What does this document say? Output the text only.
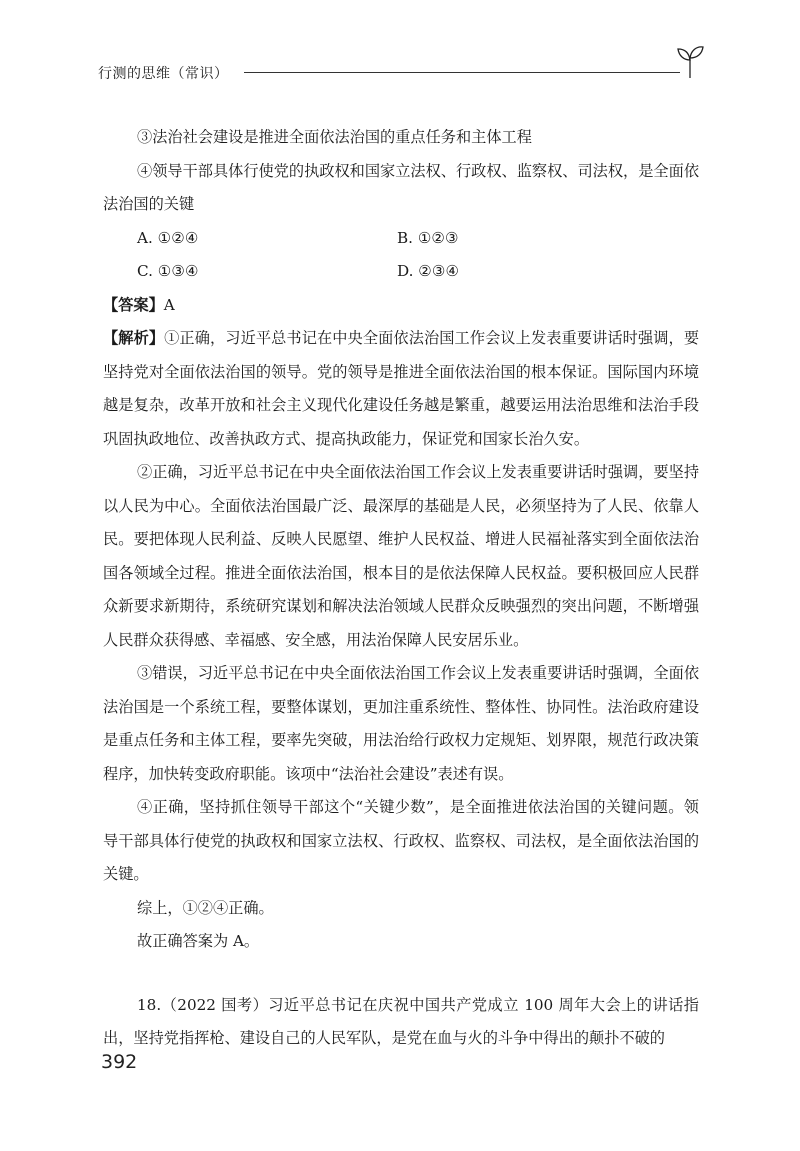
行测的思维（常识）

③法治社会建设是推进全面依法治国的重点任务和主体工程

④领导干部具体行使党的执政权和国家立法权、行政权、监察权、司法权，是全面依法治国的关键

A. ①②④	B. ①②③
C. ①③④	D. ②③④

【答案】A

【解析】①正确，习近平总书记在中央全面依法治国工作会议上发表重要讲话时强调，要坚持党对全面依法治国的领导。党的领导是推进全面依法治国的根本保证。国际国内环境越是复杂，改革开放和社会主义现代化建设任务越是繁重，越要运用法治思维和法治手段巩固执政地位、改善执政方式、提高执政能力，保证党和国家长治久安。

②正确，习近平总书记在中央全面依法治国工作会议上发表重要讲话时强调，要坚持以人民为中心。全面依法治国最广泛、最深厚的基础是人民，必须坚持为了人民、依靠人民。要把体现人民利益、反映人民愿望、维护人民权益、增进人民福祉落实到全面依法治国各领域全过程。推进全面依法治国，根本目的是依法保障人民权益。要积极回应人民群众新要求新期待，系统研究谋划和解决法治领域人民群众反映强烈的突出问题，不断增强人民群众获得感、幸福感、安全感，用法治保障人民安居乐业。

③错误，习近平总书记在中央全面依法治国工作会议上发表重要讲话时强调，全面依法治国是一个系统工程，要整体谋划，更加注重系统性、整体性、协同性。法治政府建设是重点任务和主体工程，要率先突破，用法治给行政权力定规矩、划界限，规范行政决策程序，加快转变政府职能。该项中“法治社会建设”表述有误。

④正确，坚持抓住领导干部这个“关键少数”，是全面推进依法治国的关键问题。领导干部具体行使党的执政权和国家立法权、行政权、监察权、司法权，是全面依法治国的关键。

综上，①②④正确。

故正确答案为 A。

18.（2022 国考）习近平总书记在庆祝中国共产党成立 100 周年大会上的讲话指出，坚持党指挥枪、建设自己的人民军队，是党在血与火的斗争中得出的颠扑不破的

392
